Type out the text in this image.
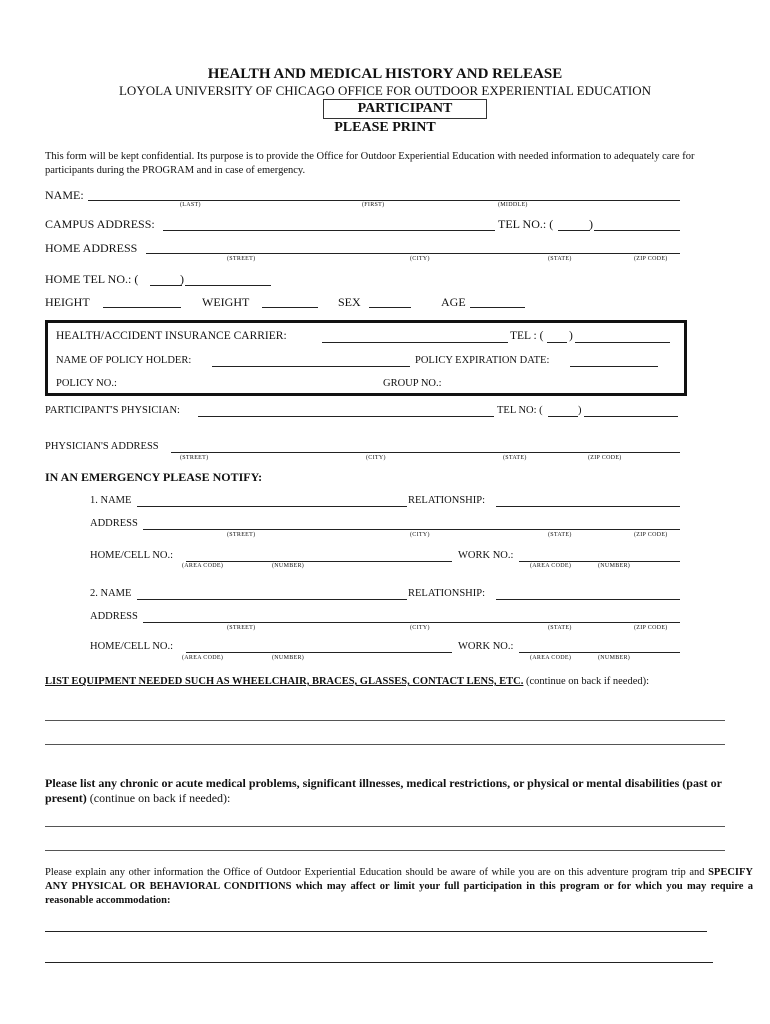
HEALTH AND MEDICAL HISTORY AND RELEASE
LOYOLA UNIVERSITY OF CHICAGO OFFICE FOR OUTDOOR EXPERIENTIAL EDUCATION
PARTICIPANT
PLEASE PRINT
This form will be kept confidential. Its purpose is to provide the Office for Outdoor Experiential Education with needed information to adequately care for participants during the PROGRAM and in case of emergency.
NAME:
(LAST)	(FIRST)	(MIDDLE)
CAMPUS ADDRESS:	TEL NO.: (	)
HOME ADDRESS
(STREET)	(CITY)	(STATE)	(ZIP CODE)
HOME TEL NO.: (	)
HEIGHT	WEIGHT	SEX	AGE
HEALTH/ACCIDENT INSURANCE CARRIER:	TEL : ( )
NAME OF POLICY HOLDER:	POLICY EXPIRATION DATE:
POLICY NO.:	GROUP NO.:
PARTICIPANT'S PHYSICIAN:	TEL NO: (	)
PHYSICIAN'S ADDRESS
(STREET)	(CITY)	(STATE)	(ZIP CODE)
IN AN EMERGENCY PLEASE NOTIFY:
1. NAME	RELATIONSHIP:
ADDRESS
(STREET)	(CITY)	(STATE)	(ZIP CODE)
HOME/CELL NO.:
(AREA CODE)	(NUMBER)
WORK NO.:
(AREA CODE)	(NUMBER)
2. NAME	RELATIONSHIP:
ADDRESS
(STREET)	(CITY)	(STATE)	(ZIP CODE)
HOME/CELL NO.:
(AREA CODE)	(NUMBER)
WORK NO.:
(AREA CODE)	(NUMBER)
LIST EQUIPMENT NEEDED SUCH AS WHEELCHAIR, BRACES, GLASSES, CONTACT LENS, ETC. (continue on back if needed):
Please list any chronic or acute medical problems, significant illnesses, medical restrictions, or physical or mental disabilities (past or present) (continue on back if needed):
Please explain any other information the Office of Outdoor Experiential Education should be aware of while you are on this adventure program trip and SPECIFY ANY PHYSICAL OR BEHAVIORAL CONDITIONS which may affect or limit your full participation in this program or for which you may require a reasonable accommodation:
